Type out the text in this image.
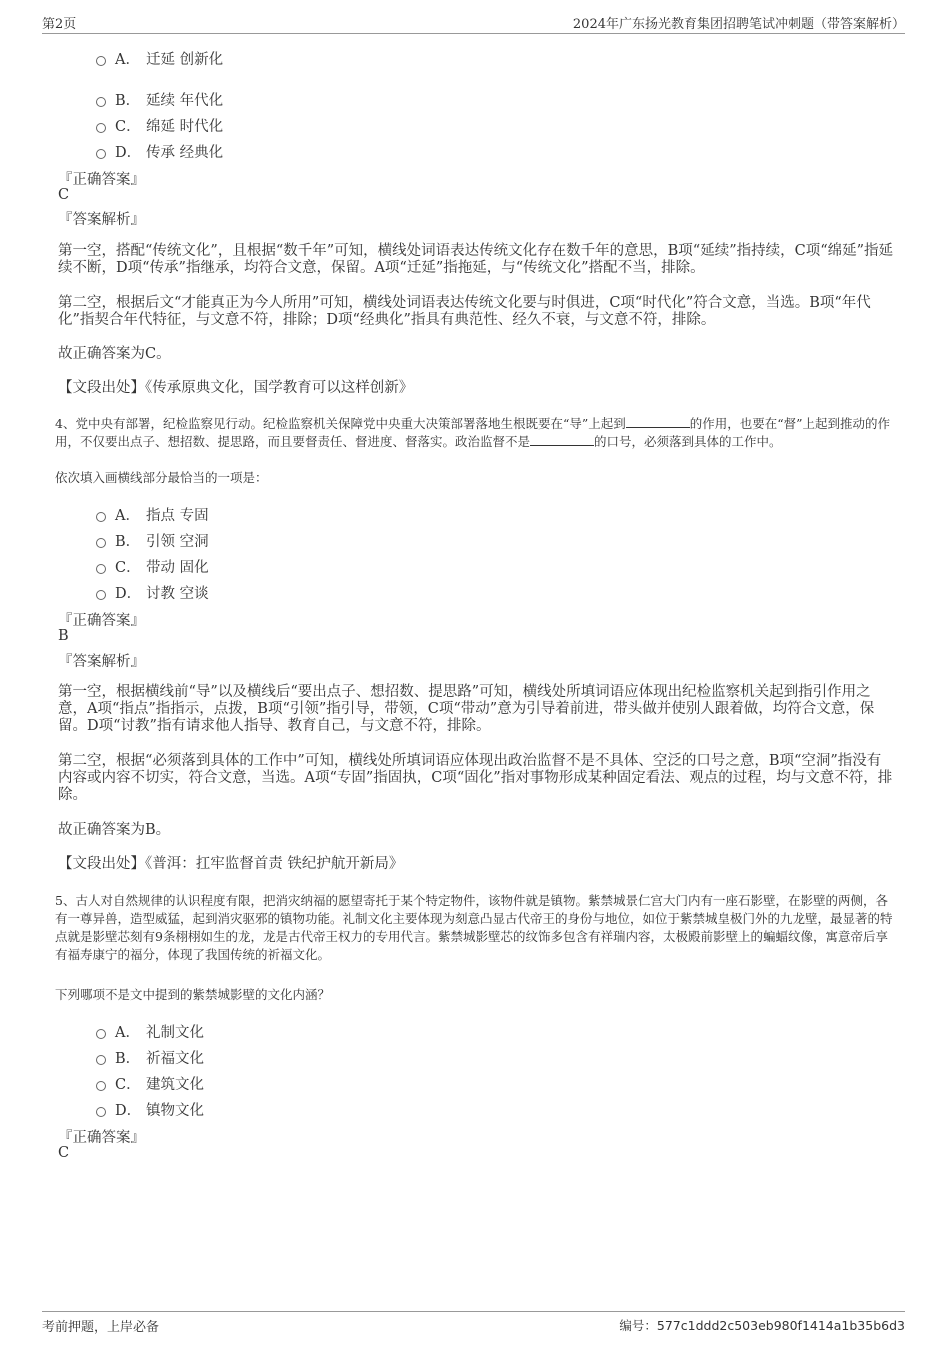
第2页	2024年广东扬光教育集团招聘笔试冲刺题（带答案解析）
A． 迁延 创新化
B． 延续 年代化
C． 绵延 时代化
D． 传承 经典化
『正确答案』
C
『答案解析』
第一空，搭配“传统文化”，且根据“数千年”可知，横线处词语表达传统文化存在数千年的意思，B项“延续”指持续，C项“绵延”指延续不断，D项“传承”指继承，均符合文意，保留。A项“迁延”指拖延，与“传统文化”搭配不当，排除。
第二空，根据后文“才能真正为今人所用”可知，横线处词语表达传统文化要与时俱进，C项“时代化”符合文意，当选。B项“年代化”指契合年代特征，与文意不符，排除；D项“经典化”指具有典范性、经久不衰，与文意不符，排除。
故正确答案为C。
【文段出处】《传承原典文化，国学教育可以这样创新》
4、党中央有部署，纪检监察见行动。纪检监察机关保障党中央重大决策部署落地生根既要在“导”上起到	的作用，也要在“督”上起到推动的作用，不仅要出点子、想招数、提思路，而且要督责任、督进度、督落实。政治监督不是	的口号，必须落到具体的工作中。
依次填入画横线部分最恰当的一项是：
A． 指点 专固
B． 引领 空洞
C． 带动 固化
D． 讨教 空谈
『正确答案』
B
『答案解析』
第一空，根据横线前“导”以及横线后“要出点子、想招数、提思路”可知，横线处所填词语应体现出纪检监察机关起到指引作用之意，A项“指点”指指示，点拨，B项“引领”指引导，带领，C项“带动”意为引导着前进，带头做并使别人跟着做，均符合文意，保留。D项“讨教”指有请求他人指导、教育自己，与文意不符，排除。
第二空，根据“必须落到具体的工作中”可知，横线处所填词语应体现出政治监督不是不具体、空泛的口号之意，B项“空洞”指没有内容或内容不切实，符合文意，当选。A项“专固”指固执，C项“固化”指对事物形成某种固定看法、观点的过程，均与文意不符，排除。
故正确答案为B。
【文段出处】《普洱：扛牢监督首责 铁纪护航开新局》
5、古人对自然规律的认识程度有限，把消灾纳福的愿望寄托于某个特定物件，该物件就是镇物。紫禁城景仁宫大门内有一座石影壁，在影壁的两侧，各有一尊异兽，造型威猛，起到消灾驱邪的镇物功能。礼制文化主要体现为刻意凸显古代帝王的身份与地位，如位于紫禁城皇极门外的九龙壁，最显著的特点就是影壁芯刻有9条栩栩如生的龙，龙是古代帝王权力的专用代言。紫禁城影壁芯的纹饰多包含有祥瑞内容，太极殿前影壁上的蝙蝠纹像，寓意帝后享有福寿康宁的福分，体现了我国传统的祈福文化。
下列哪项不是文中提到的紫禁城影壁的文化内涵？
A． 礼制文化
B． 祈福文化
C． 建筑文化
D． 镇物文化
『正确答案』
C
考前押题，上岸必备	编号：577c1ddd2c503eb980f1414a1b35b6d3
